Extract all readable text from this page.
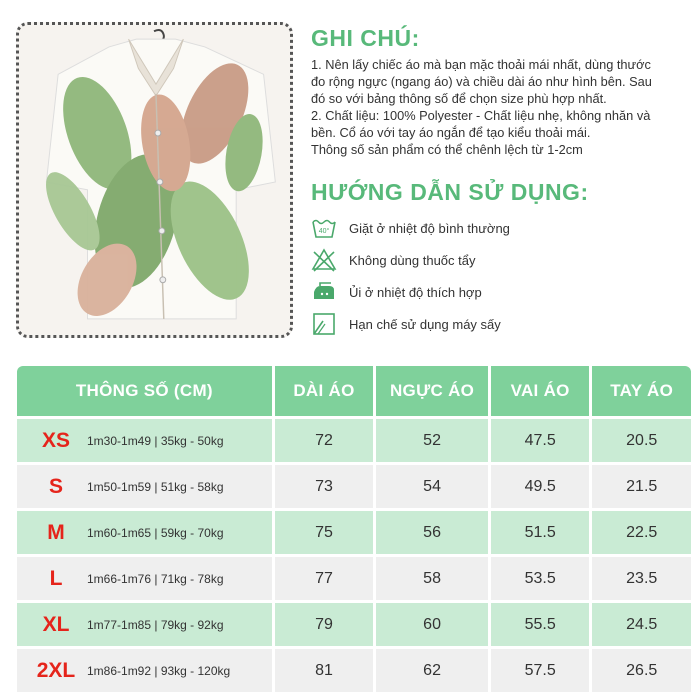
GHI CHÚ:
1. Nên lấy chiếc áo mà bạn mặc thoải mái nhất, dùng thước
đo rộng ngực (ngang áo) và chiều dài áo như hình bên. Sau
đó so với bảng thông số để chọn size phù hợp nhất.
2. Chất liệu: 100% Polyester - Chất liệu nhẹ, không nhăn và
bền. Cổ áo với tay áo ngắn để tạo kiểu thoải mái.
Thông số sản phẩm có thể chênh lệch từ 1-2cm
HƯỚNG DẪN SỬ DỤNG:
40° Giặt ở nhiệt độ bình thường
Không dùng thuốc tẩy
Ủi ở nhiệt độ thích hợp
Hạn chế sử dụng máy sấy
THÔNG SỐ (CM)	DÀI ÁO	NGỰC ÁO	VAI ÁO	TAY ÁO
XS 1m30-1m49 | 35kg - 50kg	72	52	47.5	20.5
S 1m50-1m59 | 51kg - 58kg	73	54	49.5	21.5
M 1m60-1m65 | 59kg - 70kg	75	56	51.5	22.5
L 1m66-1m76 | 71kg - 78kg	77	58	53.5	23.5
XL 1m77-1m85 | 79kg - 92kg	79	60	55.5	24.5
2XL 1m86-1m92 | 93kg - 120kg	81	62	57.5	26.5
